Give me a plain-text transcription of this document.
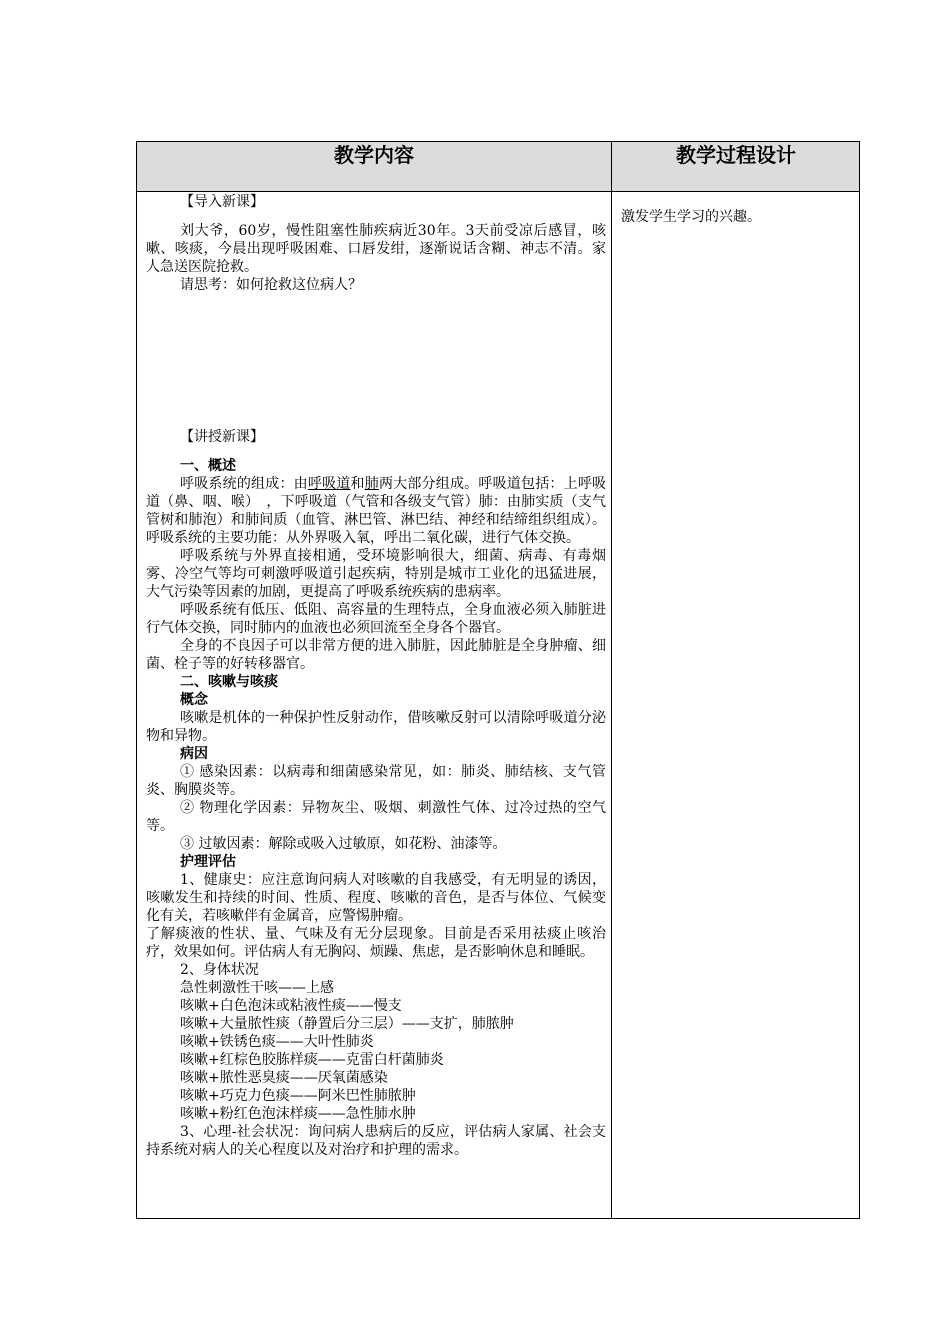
教学内容	教学过程设计

【导入新课】

刘大爷，60岁，慢性阻塞性肺疾病近30年。3天前受凉后感冒，咳嗽、咳痰，今晨出现呼吸困难、口唇发绀，逐渐说话含糊、神志不清。家人急送医院抢救。

请思考：如何抢救这位病人？

【讲授新课】

一、概述

呼吸系统的组成：由呼吸道和肺两大部分组成。呼吸道包括：上呼吸道（鼻、咽、喉）　，下呼吸道（气管和各级支气管）肺：由肺实质（支气管树和肺泡）和肺间质（血管、淋巴管、淋巴结、神经和结缔组织组成）。呼吸系统的主要功能：从外界吸入氧，呼出二氧化碳，进行气体交换。

呼吸系统与外界直接相通，受环境影响很大，细菌、病毒、有毒烟雾、冷空气等均可刺激呼吸道引起疾病，特别是城市工业化的迅猛进展，大气污染等因素的加剧，更提高了呼吸系统疾病的患病率。

呼吸系统有低压、低阻、高容量的生理特点，全身血液必须入肺脏进行气体交换，同时肺内的血液也必须回流至全身各个器官。

全身的不良因子可以非常方便的进入肺脏，因此肺脏是全身肿瘤、细菌、栓子等的好转移器官。

二、咳嗽与咳痰

概念

咳嗽是机体的一种保护性反射动作，借咳嗽反射可以清除呼吸道分泌物和异物。

病因

① 感染因素：以病毒和细菌感染常见，如：肺炎、肺结核、支气管炎、胸膜炎等。

② 物理化学因素：异物灰尘、吸烟、刺激性气体、过冷过热的空气等。

③ 过敏因素：解除或吸入过敏原，如花粉、油漆等。

护理评估

1、健康史：应注意询问病人对咳嗽的自我感受，有无明显的诱因，咳嗽发生和持续的时间、性质、程度、咳嗽的音色，是否与体位、气候变化有关，若咳嗽伴有金属音，应警惕肿瘤。

了解痰液的性状、量、气味及有无分层现象。目前是否采用祛痰止咳治疗，效果如何。评估病人有无胸闷、烦躁、焦虑，是否影响休息和睡眠。

2、身体状况

急性刺激性干咳——上感

咳嗽+白色泡沫或粘液性痰——慢支

咳嗽+大量脓性痰（静置后分三层）——支扩，肺脓肿

咳嗽+铁锈色痰——大叶性肺炎

咳嗽+红棕色胶胨样痰——克雷白杆菌肺炎

咳嗽+脓性恶臭痰——厌氧菌感染

咳嗽+巧克力色痰——阿米巴性肺脓肿

咳嗽+粉红色泡沫样痰——急性肺水肿

3、心理-社会状况：询问病人患病后的反应，评估病人家属、社会支持系统对病人的关心程度以及对治疗和护理的需求。

激发学生学习的兴趣。
